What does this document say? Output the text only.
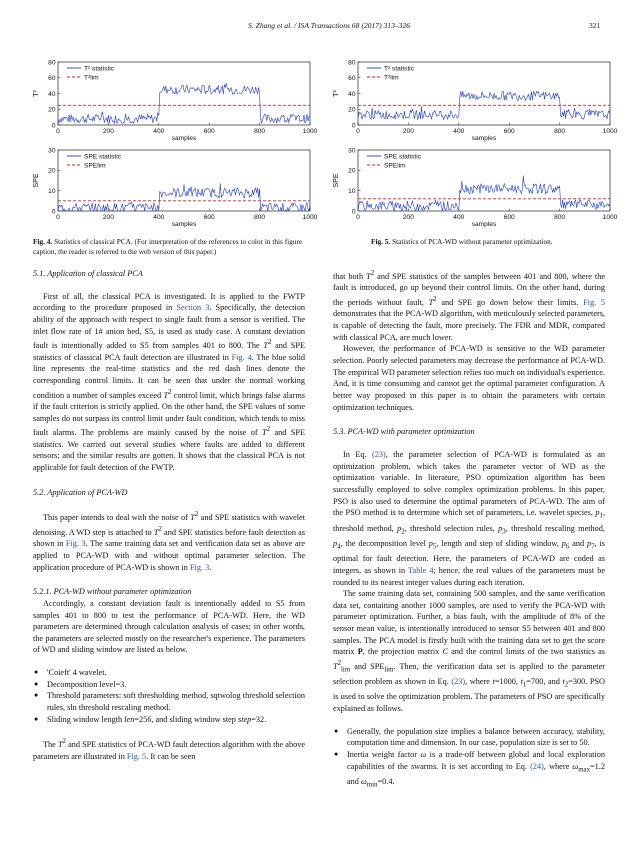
S. Zhang et al. / ISA Transactions 68 (2017) 313–326	321
0	200	400	600	800	1000
0
20
40
60
80
samples
T²
T² statistic
T²lim
0	200	400	600	800	1000
0
10
20
30
samples
SPE
SPE statistic
SPElim
Fig. 4. Statistics of classical PCA. (For interpretation of the references to color in this figure caption, the reader is referred to the web version of this paper.)
0	200	400	600	800	1000
0
20
40
60
80
samples
T²
T² statistic
T²lim
0	200	400	600	800	1000
0
10
20
30
samples
SPE
SPE statistic
SPElim
Fig. 5. Statistics of PCA-WD without parameter optimization.

5.1. Application of classical PCA

First of all, the classical PCA is investigated. It is applied to the FWTP according to the procedure proposed in Section 3. Specifically, the detection ability of the approach with respect to single fault from a sensor is verified. The inlet flow rate of 1# anion bed, S5, is used as study case. A constant deviation fault is intentionally added to S5 from samples 401 to 800. The $T^2$ and SPE statistics of classical PCA fault detection are illustrated in Fig. 4. The blue solid line represents the real-time statistics and the red dash lines denote the corresponding control limits. It can be seen that under the normal working condition a number of samples exceed $T^2$ control limit, which brings false alarms if the fault criterion is strictly applied. On the other hand, the SPE values of some samples do not surpass its control limit under fault condition, which tends to miss fault alarms. The problems are mainly caused by the noise of $T^2$ and SPE statistics. We carried out several studies where faults are added to different sensors; and the similar results are gotten. It shows that the classical PCA is not applicable for fault detection of the FWTP.

5.2. Application of PCA-WD

This paper intends to deal with the noise of $T^2$ and SPE statistics with wavelet denoising. A WD step is attached to $T^2$ and SPE statistics before fault detection as shown in Fig. 3. The same training data set and verification data set as above are applied to PCA-WD with and without optimal parameter selection. The application procedure of PCA-WD is shown in Fig. 3.

5.2.1. PCA-WD without parameter optimization

Accordingly, a constant deviation fault is intentionally added to S5 from samples 401 to 800 to test the performance of PCA-WD. Here, the WD parameters are determined through calculation analysis of cases; in other words, the parameters are selected mostly on the researcher's experience. The parameters of WD and sliding window are listed as below.

● 'Coieft' 4 wavelet.
● Decomposition level=3.
● Threshold parameters: soft thresholding method, sqtwolog threshold selection rules, sln threshold rescaling method.
● Sliding window length len=256, and sliding window step step=32.

The $T^2$ and SPE statistics of PCA-WD fault detection algorithm with the above parameters are illustrated in Fig. 5. It can be seen

that both $T^2$ and SPE statistics of the samples between 401 and 800, where the fault is introduced, go up beyond their control limits. On the other hand, during the periods without fault, $T^2$ and SPE go down below their limits. Fig. 5 demonstrates that the PCA-WD algorithm, with meticulously selected parameters, is capable of detecting the fault, more precisely. The FDR and MDR, compared with classical PCA, are much lower.

However, the performance of PCA-WD is sensitive to the WD parameter selection. Poorly selected parameters may decrease the performance of PCA-WD. The empirical WD parameter selection relies too much on individual's experience. And, it is time consuming and cannot get the optimal parameter configuration. A better way proposed in this paper is to obtain the parameters with certain optimization techniques.

5.3. PCA-WD with parameter optimization

In Eq. (23), the parameter selection of PCA-WD is formulated as an optimization problem, which takes the parameter vector of WD as the optimization variable. In literature, PSO optimization algorithm has been successfully employed to solve complex optimization problems. In this paper, PSO is also used to determine the optimal parameters of PCA-WD. The aim of the PSO method is to determine which set of parameters, i.e. wavelet species, $p_1$, threshold method, $p_2$, threshold selection rules, $p_3$, threshold rescaling method, $p_4$, the decomposition level $p_5$, length and step of sliding window, $p_6$ and $p_7$, is optimal for fault detection. Here, the parameters of PCA-WD are coded as integers, as shown in Table 4; hence, the real values of the parameters must be rounded to its nearest integer values during each iteration.

The same training data set, containing 500 samples, and the same verification data set, containing another 1000 samples, are used to verify the PCA-WD with parameter optimization. Further, a bias fault, with the amplitude of 8% of the sensor mean value, is intentionally introduced to sensor S5 between 401 and 800 samples. The PCA model is firstly built with the training data set to get the score matrix P, the projection matrix C and the control limits of the two statistics as $T^2_{lim}$ and $SPE_{lim}$. Then, the verification data set is applied to the parameter selection problem as shown in Eq. (23), where t=1000, $t_1=700$, and $t_2=300$. PSO is used to solve the optimization problem. The parameters of PSO are specifically explained as follows.

● Generally, the population size implies a balance between accuracy, stability, computation time and dimension. In our case, population size is set to 50.
● Inertia weight factor ω is a trade-off between global and local exploration capabilities of the swarms. It is set according to Eq. (24), where $\omega_{max}=1.2$ and $\omega_{min}=0.4$.
